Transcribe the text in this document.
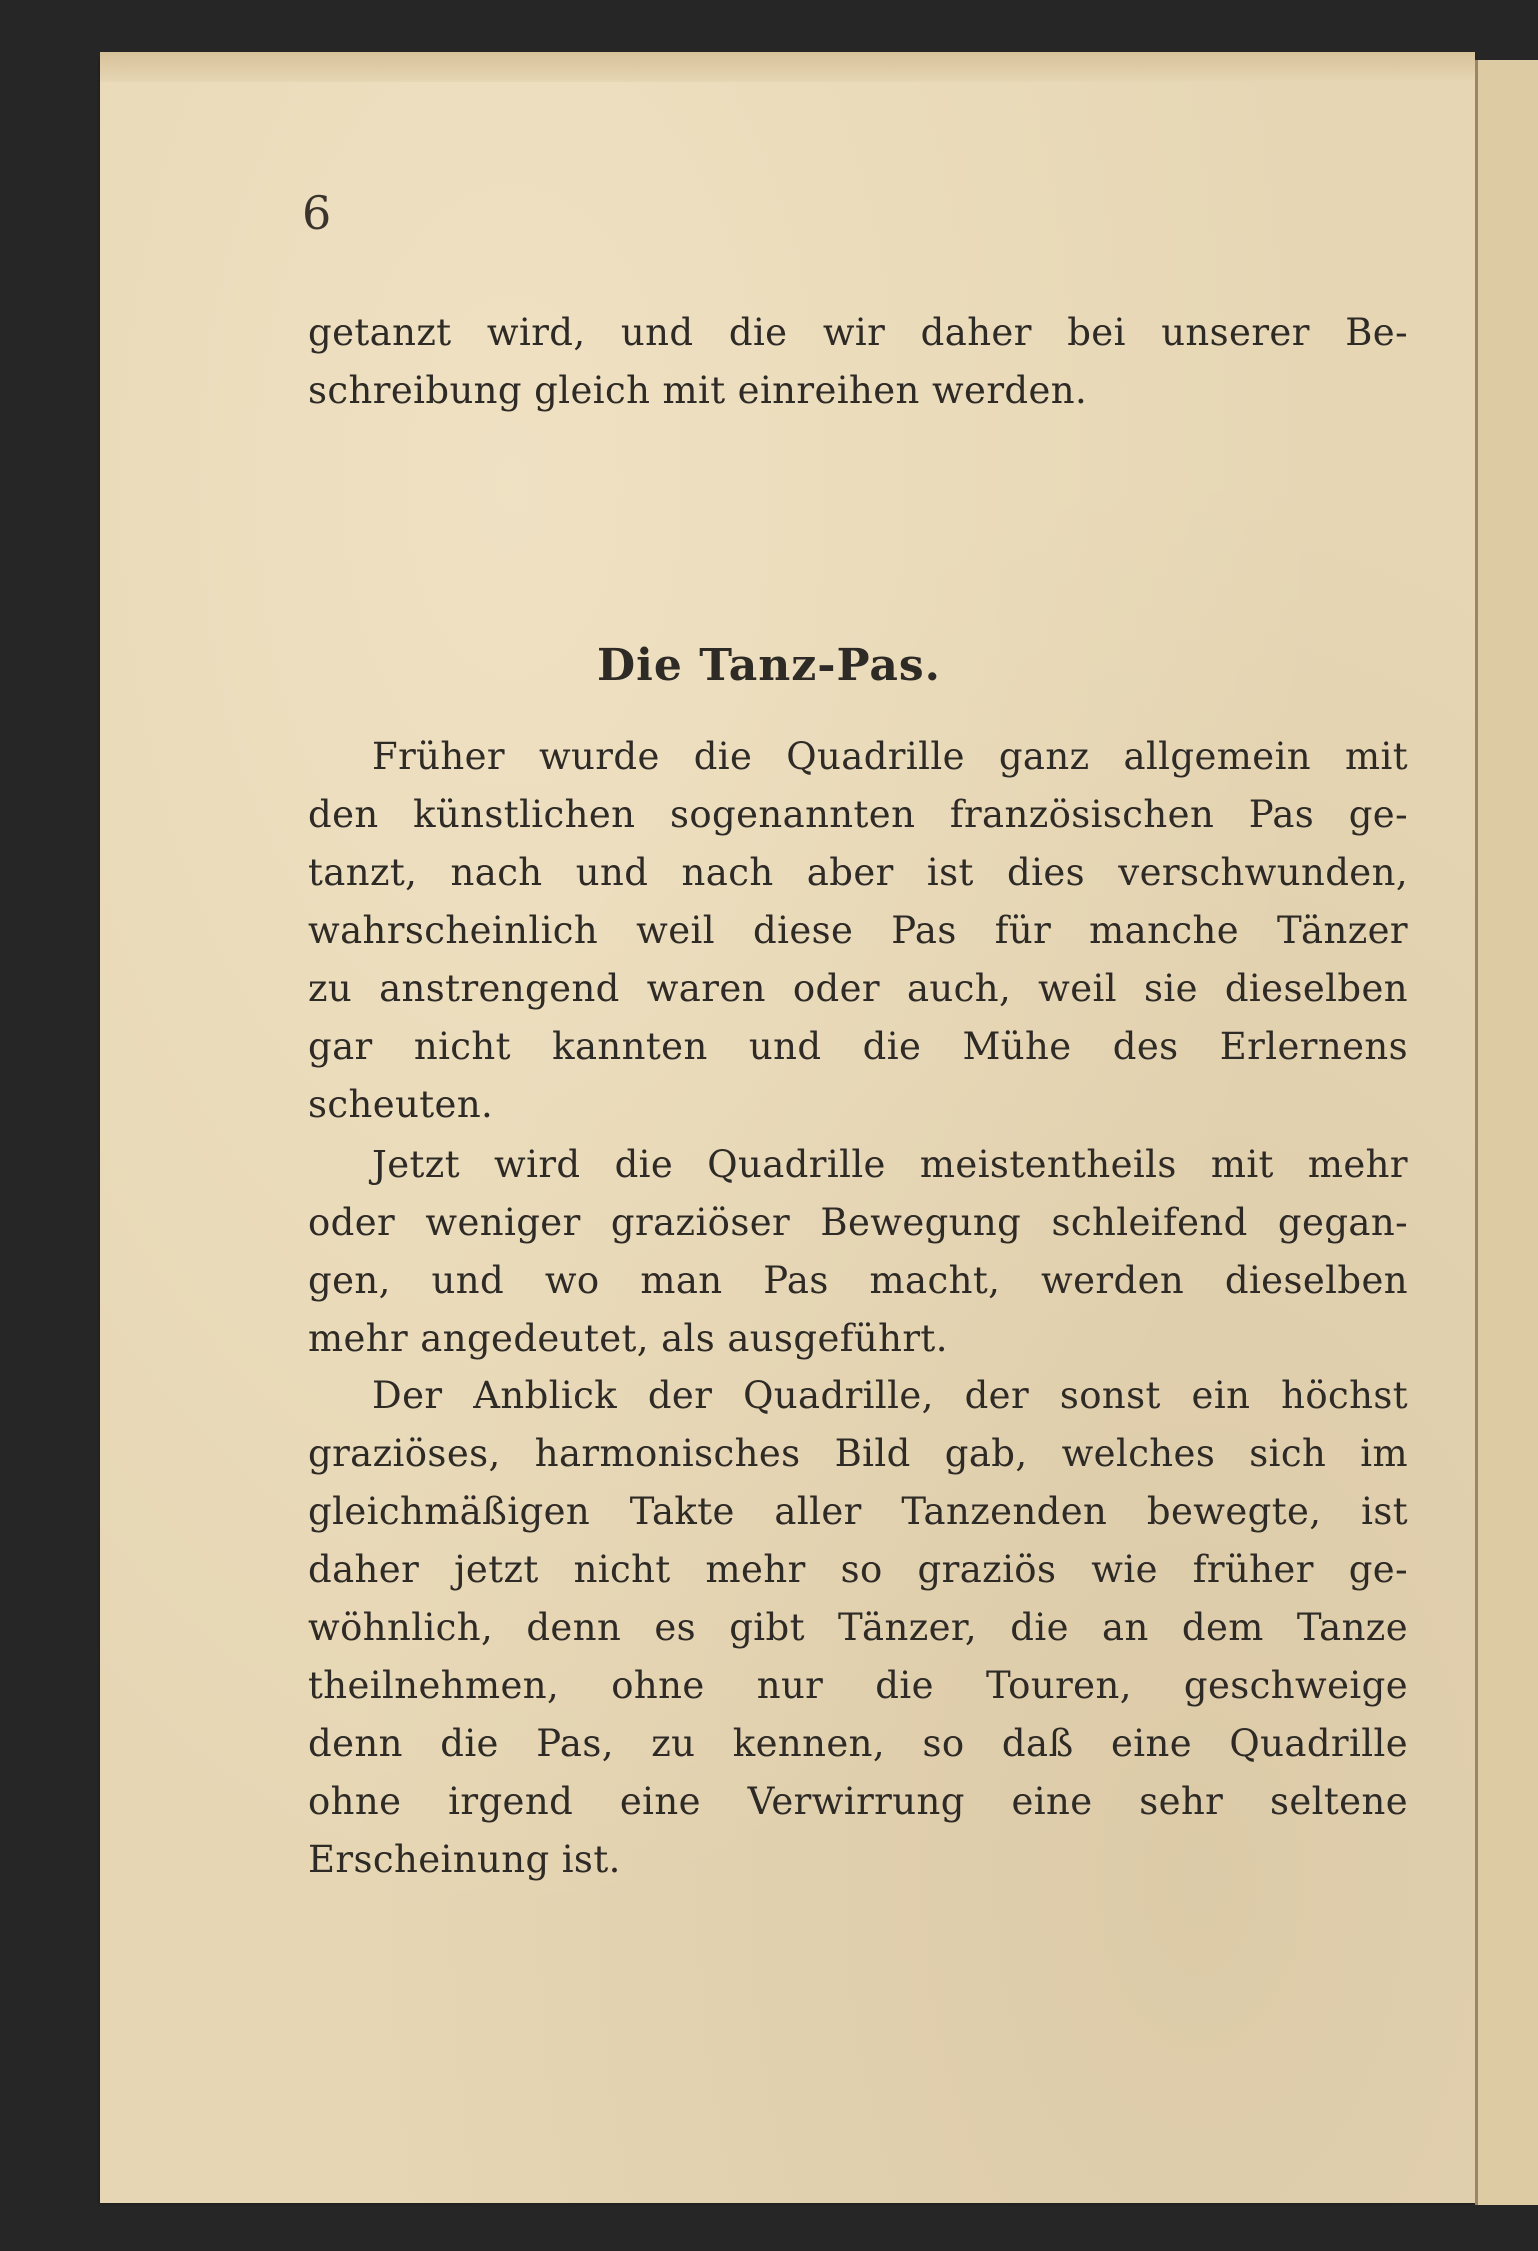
6
getanzt wird, und die wir daher bei unserer Be-
schreibung gleich mit einreihen werden.
Die Tanz-Pas.
Früher wurde die Quadrille ganz allgemein mit
den künstlichen sogenannten französischen Pas ge-
tanzt, nach und nach aber ist dies verschwunden,
wahrscheinlich weil diese Pas für manche Tänzer
zu anstrengend waren oder auch, weil sie dieselben
gar nicht kannten und die Mühe des Erlernens
scheuten.
Jetzt wird die Quadrille meistentheils mit mehr
oder weniger graziöser Bewegung schleifend gegan-
gen, und wo man Pas macht, werden dieselben
mehr angedeutet, als ausgeführt.
Der Anblick der Quadrille, der sonst ein höchst
graziöses, harmonisches Bild gab, welches sich im
gleichmäßigen Takte aller Tanzenden bewegte, ist
daher jetzt nicht mehr so graziös wie früher ge-
wöhnlich, denn es gibt Tänzer, die an dem Tanze
theilnehmen, ohne nur die Touren, geschweige
denn die Pas, zu kennen, so daß eine Quadrille
ohne irgend eine Verwirrung eine sehr seltene
Erscheinung ist.
